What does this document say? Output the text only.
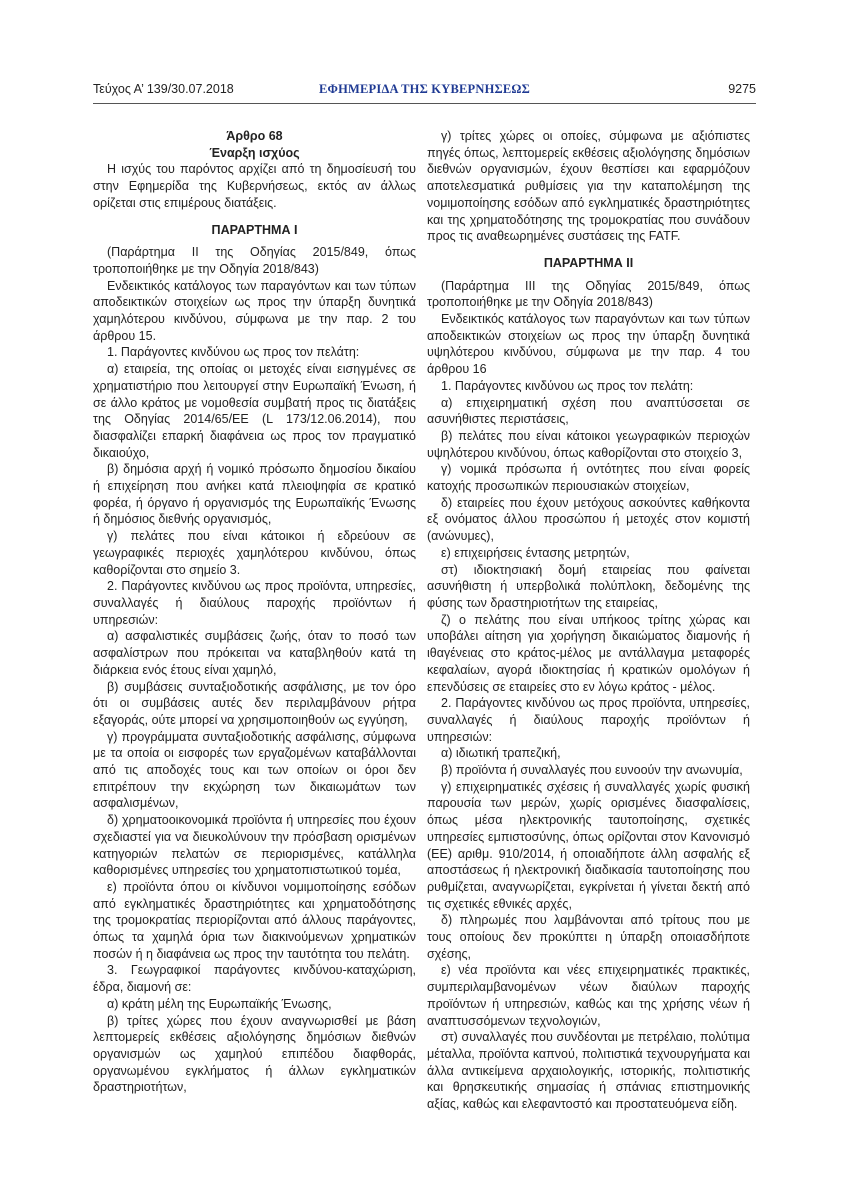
Τεύχος Α’ 139/30.07.2018	ΕΦΗΜΕΡΙΔΑ ΤΗΣ ΚΥΒΕΡΝΗΣΕΩΣ	9275

Άρθρο 68

Έναρξη ισχύος

Η ισχύς του παρόντος αρχίζει από τη δημοσίευσή του στην Εφημερίδα της Κυβερνήσεως, εκτός αν άλλως ορίζεται στις επιμέρους διατάξεις.

ΠΑΡΑΡΤΗΜΑ Ι

(Παράρτημα ΙΙ της Οδηγίας 2015/849, όπως τροποποιήθηκε με την Οδηγία 2018/843)

Ενδεικτικός κατάλογος των παραγόντων και των τύπων αποδεικτικών στοιχείων ως προς την ύπαρξη δυνητικά χαμηλότερου κινδύνου, σύμφωνα με την παρ. 2 του άρθρου 15.

1. Παράγοντες κινδύνου ως προς τον πελάτη:

α) εταιρεία, της οποίας οι μετοχές είναι εισηγμένες σε χρηματιστήριο που λειτουργεί στην Ευρωπαϊκή Ένωση, ή σε άλλο κράτος με νομοθεσία συμβατή προς τις διατάξεις της Οδηγίας 2014/65/ΕΕ (L 173/12.06.2014), που διασφαλίζει επαρκή διαφάνεια ως προς τον πραγματικό δικαιούχο,

β) δημόσια αρχή ή νομικό πρόσωπο δημοσίου δικαίου ή επιχείρηση που ανήκει κατά πλειοψηφία σε κρατικό φορέα, ή όργανο ή οργανισμός της Ευρωπαϊκής Ένωσης ή δημόσιος διεθνής οργανισμός,

γ) πελάτες που είναι κάτοικοι ή εδρεύουν σε γεωγραφικές περιοχές χαμηλότερου κινδύνου, όπως καθορίζονται στο σημείο 3.

2. Παράγοντες κινδύνου ως προς προϊόντα, υπηρεσίες, συναλλαγές ή διαύλους παροχής προϊόντων ή υπηρεσιών:

α) ασφαλιστικές συμβάσεις ζωής, όταν το ποσό των ασφαλίστρων που πρόκειται να καταβληθούν κατά τη διάρκεια ενός έτους είναι χαμηλό,

β) συμβάσεις συνταξιοδοτικής ασφάλισης, με τον όρο ότι οι συμβάσεις αυτές δεν περιλαμβάνουν ρήτρα εξαγοράς, ούτε μπορεί να χρησιμοποιηθούν ως εγγύηση,

γ) προγράμματα συνταξιοδοτικής ασφάλισης, σύμφωνα με τα οποία οι εισφορές των εργαζομένων καταβάλλονται από τις αποδοχές τους και των οποίων οι όροι δεν επιτρέπουν την εκχώρηση των δικαιωμάτων των ασφαλισμένων,

δ) χρηματοοικονομικά προϊόντα ή υπηρεσίες που έχουν σχεδιαστεί για να διευκολύνουν την πρόσβαση ορισμένων κατηγοριών πελατών σε περιορισμένες, κατάλληλα καθορισμένες υπηρεσίες του χρηματοπιστωτικού τομέα,

ε) προϊόντα όπου οι κίνδυνοι νομιμοποίησης εσόδων από εγκληματικές δραστηριότητες και χρηματοδότησης της τρομοκρατίας περιορίζονται από άλλους παράγοντες, όπως τα χαμηλά όρια των διακινούμενων χρηματικών ποσών ή η διαφάνεια ως προς την ταυτότητα του πελάτη.

3. Γεωγραφικοί παράγοντες κινδύνου-καταχώριση, έδρα, διαμονή σε:

α) κράτη μέλη της Ευρωπαϊκής Ένωσης,

β) τρίτες χώρες που έχουν αναγνωρισθεί με βάση λεπτομερείς εκθέσεις αξιολόγησης δημόσιων διεθνών οργανισμών ως χαμηλού επιπέδου διαφθοράς, οργανωμένου εγκλήματος ή άλλων εγκληματικών δραστηριοτήτων,

γ) τρίτες χώρες οι οποίες, σύμφωνα με αξιόπιστες πηγές όπως, λεπτομερείς εκθέσεις αξιολόγησης δημόσιων διεθνών οργανισμών, έχουν θεσπίσει και εφαρμόζουν αποτελεσματικά ρυθμίσεις για την καταπολέμηση της νομιμοποίησης εσόδων από εγκληματικές δραστηριότητες και της χρηματοδότησης της τρομοκρατίας που συνάδουν προς τις αναθεωρημένες συστάσεις της FATF.

ΠΑΡΑΡΤΗΜΑ ΙΙ

(Παράρτημα ΙΙΙ της Οδηγίας 2015/849, όπως τροποποιήθηκε με την Οδηγία 2018/843)

Ενδεικτικός κατάλογος των παραγόντων και των τύπων αποδεικτικών στοιχείων ως προς την ύπαρξη δυνητικά υψηλότερου κινδύνου, σύμφωνα με την παρ. 4 του άρθρου 16

1. Παράγοντες κινδύνου ως προς τον πελάτη:

α) επιχειρηματική σχέση που αναπτύσσεται σε ασυνήθιστες περιστάσεις,

β) πελάτες που είναι κάτοικοι γεωγραφικών περιοχών υψηλότερου κινδύνου, όπως καθορίζονται στο στοιχείο 3,

γ) νομικά πρόσωπα ή οντότητες που είναι φορείς κατοχής προσωπικών περιουσιακών στοιχείων,

δ) εταιρείες που έχουν μετόχους ασκούντες καθήκοντα εξ ονόματος άλλου προσώπου ή μετοχές στον κομιστή (ανώνυμες),

ε) επιχειρήσεις έντασης μετρητών,

στ) ιδιοκτησιακή δομή εταιρείας που φαίνεται ασυνήθιστη ή υπερβολικά πολύπλοκη, δεδομένης της φύσης των δραστηριοτήτων της εταιρείας,

ζ) ο πελάτης που είναι υπήκοος τρίτης χώρας και υποβάλει αίτηση για χορήγηση δικαιώματος διαμονής ή ιθαγένειας στο κράτος-μέλος με αντάλλαγμα μεταφορές κεφαλαίων, αγορά ιδιοκτησίας ή κρατικών ομολόγων ή επενδύσεις σε εταιρείες στο εν λόγω κράτος - μέλος.

2. Παράγοντες κινδύνου ως προς προϊόντα, υπηρεσίες, συναλλαγές ή διαύλους παροχής προϊόντων ή υπηρεσιών:

α) ιδιωτική τραπεζική,

β) προϊόντα ή συναλλαγές που ευνοούν την ανωνυμία,

γ) επιχειρηματικές σχέσεις ή συναλλαγές χωρίς φυσική παρουσία των μερών, χωρίς ορισμένες διασφαλίσεις, όπως μέσα ηλεκτρονικής ταυτοποίησης, σχετικές υπηρεσίες εμπιστοσύνης, όπως ορίζονται στον Κανονισμό (ΕΕ) αριθμ. 910/2014, ή οποιαδήποτε άλλη ασφαλής εξ αποστάσεως ή ηλεκτρονική διαδικασία ταυτοποίησης που ρυθμίζεται, αναγνωρίζεται, εγκρίνεται ή γίνεται δεκτή από τις σχετικές εθνικές αρχές,

δ) πληρωμές που λαμβάνονται από τρίτους που με τους οποίους δεν προκύπτει η ύπαρξη οποιασδήποτε σχέσης,

ε) νέα προϊόντα και νέες επιχειρηματικές πρακτικές, συμπεριλαμβανομένων νέων διαύλων παροχής προϊόντων ή υπηρεσιών, καθώς και της χρήσης νέων ή αναπτυσσόμενων τεχνολογιών,

στ) συναλλαγές που συνδέονται με πετρέλαιο, πολύτιμα μέταλλα, προϊόντα καπνού, πολιτιστικά τεχνουργήματα και άλλα αντικείμενα αρχαιολογικής, ιστορικής, πολιτιστικής και θρησκευτικής σημασίας ή σπάνιας επιστημονικής αξίας, καθώς και ελεφαντοστό και προστατευόμενα είδη.
